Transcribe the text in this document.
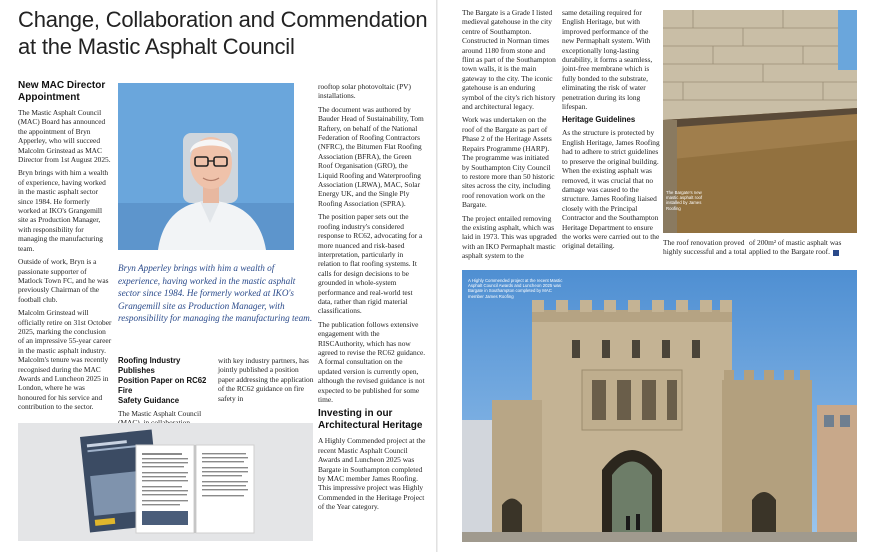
Change, Collaboration and Commendation
at the Mastic Asphalt Council
New MAC Director
Appointment

The Mastic Asphalt Council (MAC) Board has announced the appointment of Bryn Apperley, who will succeed Malcolm Grinstead as MAC Director from 1st August 2025.

Bryn brings with him a wealth of experience, having worked in the mastic asphalt sector since 1984. He formerly worked at IKO's Grangemill site as Production Manager, with responsibility for managing the manufacturing team.

Outside of work, Bryn is a passionate supporter of Matlock Town FC, and he was previously Chairman of the football club.

Malcolm Grinstead will officially retire on 31st October 2025, marking the conclusion of an impressive 55-year career in the mastic asphalt industry. Malcolm's tenure was recently recognised during the MAC Awards and Luncheon 2025 in London, where he was honoured for his service and contribution to the sector.

Bryn Apperley brings with him a wealth of experience, having worked in the mastic asphalt sector since 1984. He formerly worked at IKO's Grangemill site as Production Manager, with responsibility for managing the manufacturing team.
Roofing Industry Publishes
Position Paper on RC62 Fire
Safety Guidance

The Mastic Asphalt Council

with key industry partners, has jointly published a position paper addressing the application of the RC62 guidance on fire safety in

rooftop solar photovoltaic (PV) installations.

The document was authored by Bauder Head of Sustainability, Tom Raftery, on behalf of the National Federation of Roofing Contractors (NFRC), the Bitumen Flat Roofing Association (BFRA), the Green Roof Organisation (GRO), the Liquid Roofing and Waterproofing Association (LRWA), MAC, Solar Energy UK, and the Single Ply Roofing Association (SPRA).

The position paper sets out the roofing industry's considered response to RC62, advocating for a more nuanced and risk-based interpretation, particularly in relation to flat roofing systems. It calls for design decisions to be grounded in whole-system performance and real-world test data, rather than rigid material classifications.

The publication follows extensive engagement with the RISCAuthority, which has now agreed to revise the RC62 guidance. A formal consultation on the updated version is currently open, although the revised guidance is not expected to be published for some time.

Investing in our
Architectural Heritage

A Highly Commended project at the recent Mastic Asphalt Council Awards and Luncheon 2025 was Bargate in Southampton completed by MAC member James Roofing. This impressive project was Highly Commended in the Heritage Project of the Year category.

The Bargate is a Grade I listed medieval gatehouse in the city centre of Southampton. Constructed in Norman times around 1180 from stone and flint as part of the Southampton town walls, it is the main gateway to the city. The iconic gatehouse is an enduring symbol of the city's rich history and architectural legacy.

Work was undertaken on the roof of the Bargate as part of Phase 2 of the Heritage Assets Repairs Programme (HARP). The programme was initiated by Southampton City Council to restore more than 50 historic sites across the city, including roof renovation work on the Bargate.

The project entailed removing the existing asphalt, which was laid in 1973. This was upgraded with an IKO Permaphalt mastic asphalt system to the

same detailing required for English Heritage, but with improved performance of the new Permaphalt system. With exceptionally long-lasting durability, it forms a seamless, joint-free membrane which is fully bonded to the substrate, eliminating the risk of water penetration during its long lifespan.

Heritage Guidelines

As the structure is protected by English Heritage, James Roofing had to adhere to strict guidelines to preserve the original building. When the existing asphalt was removed, it was crucial that no damage was caused to the structure. James Roofing liaised closely with the Principal Contractor and the Southampton Heritage Department to ensure the works were carried out to the original detailing.

The Bargate's new mastic asphalt roof installed by James Roofing

The roof renovation proved highly successful and a total

of 200m² of mastic asphalt was applied to the Bargate roof.

A Highly Commended project at the recent Mastic Asphalt Council Awards and Luncheon 2025 was Bargate in Southampton completed by MAC member James Roofing
